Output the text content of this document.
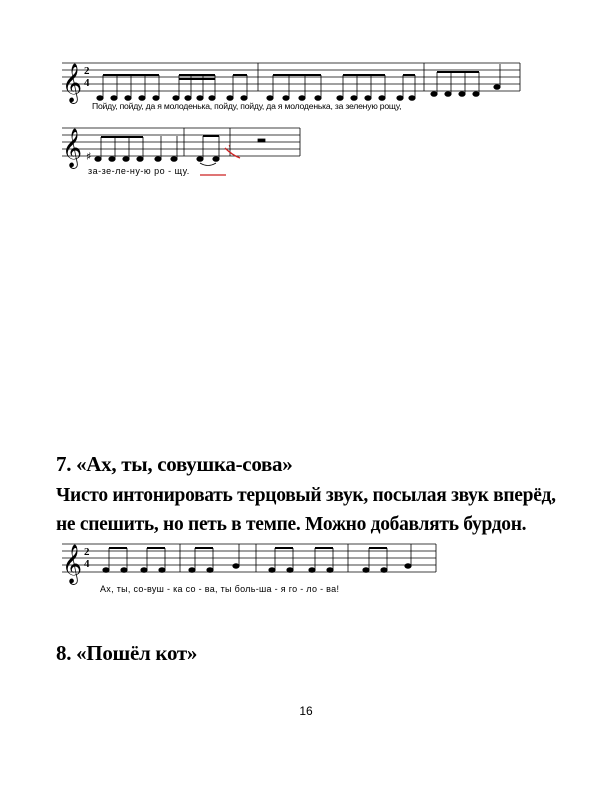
𝄞 2
4
𝄞 ♯
,
𝄞 2
4
Пойду, пойду, да я молоденька, пойду, пойду, да я молоденька, за зеленую рощу,
за-зе-ле-ну-ю ро - щу.
7. «Ах, ты, совушка-сова»
Чисто интонировать терцовый звук, посылая звук вперёд,
не спешить, но петь в темпе. Можно добавлять бурдон.
Ах, ты, со-вуш - ка со - ва, ты боль-ша - я го - ло - ва!
8. «Пошёл кот»
16
